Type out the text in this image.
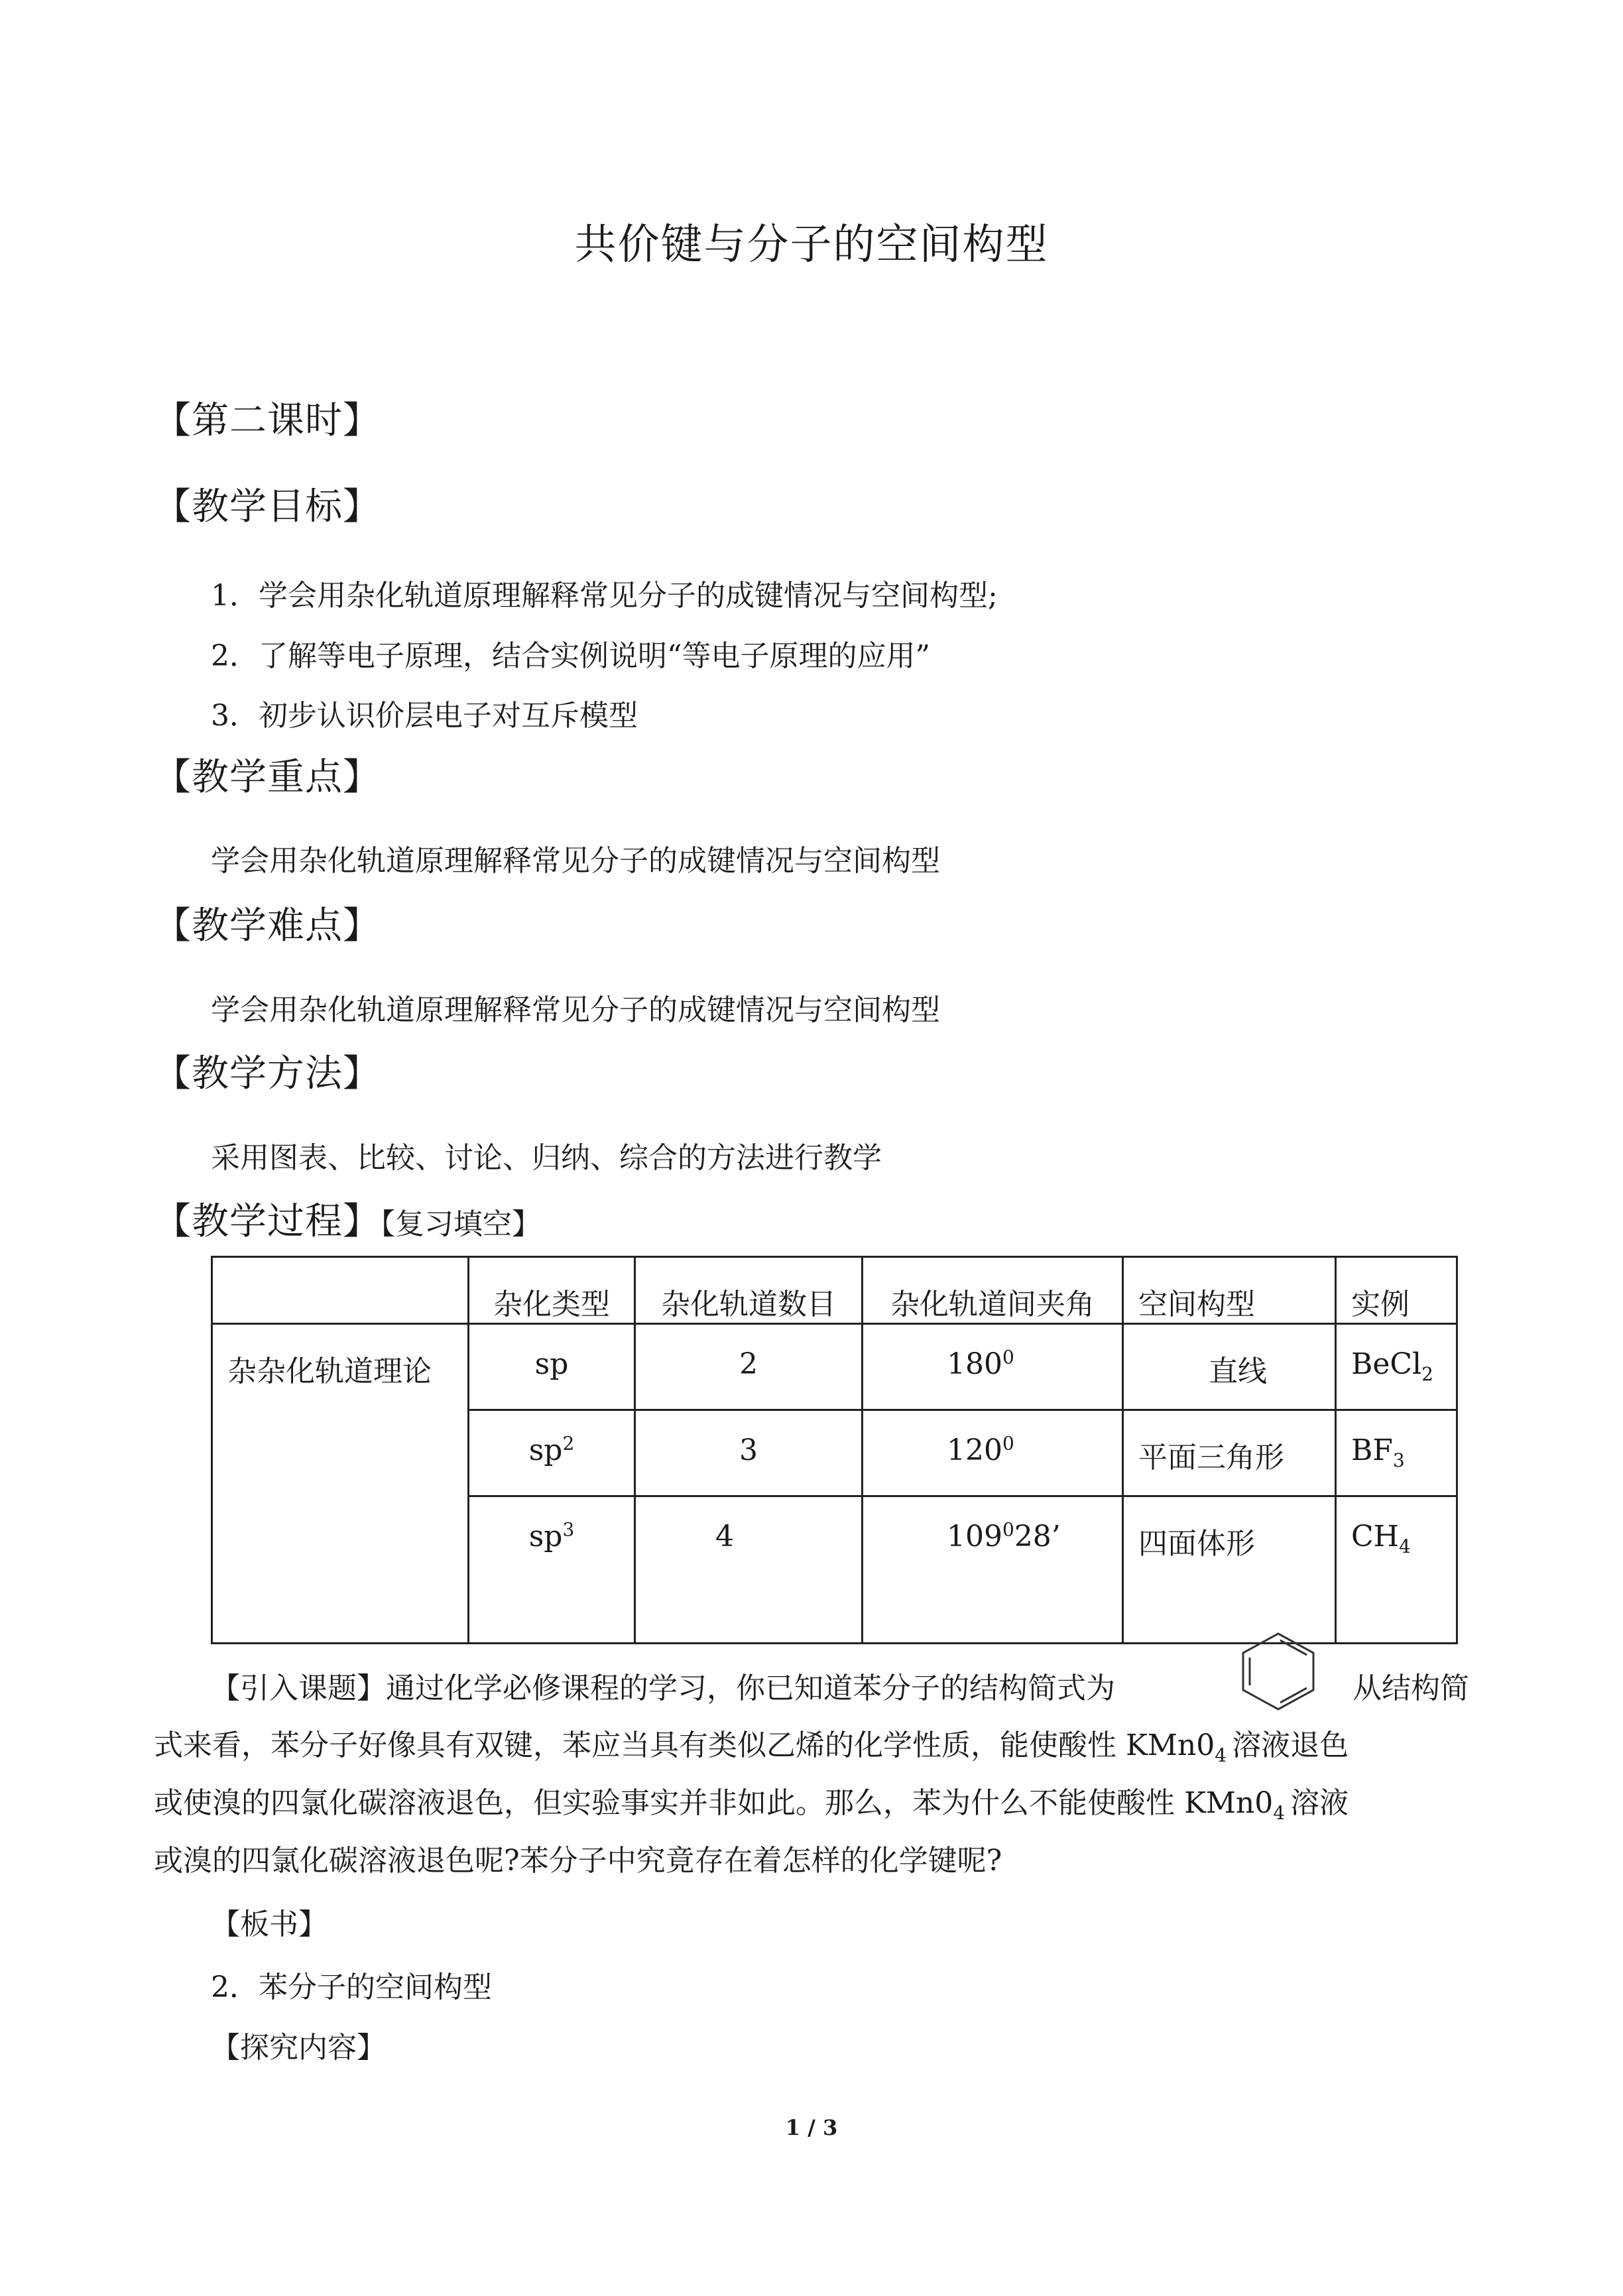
共价键与分子的空间构型
【第二课时】
【教学目标】
1．学会用杂化轨道原理解释常见分子的成键情况与空间构型;
2．了解等电子原理，结合实例说明“等电子原理的应用”
3．初步认识价层电子对互斥模型
【教学重点】
学会用杂化轨道原理解释常见分子的成键情况与空间构型
【教学难点】
学会用杂化轨道原理解释常见分子的成键情况与空间构型
【教学方法】
采用图表、比较、讨论、归纳、综合的方法进行教学
【教学过程】【复习填空】
	杂化类型	杂化轨道数目	杂化轨道间夹角	空间构型	实例
杂杂化轨道理论	sp	2	$180^0$	直线	BeCl$_2$
	$sp^2$	3	$120^0$	平面三角形	$BF_3$
	$sp^3$	4	$109^028$’	四面体形	$CH_4$
【引入课题】通过化学必修课程的学习，你已知道苯分子的结构简式为	从结构简
式来看，苯分子好像具有双键，苯应当具有类似乙烯的化学性质，能使酸性 $KMn0_4$ 溶液退色
或使溴的四氯化碳溶液退色，但实验事实并非如此。那么，苯为什么不能使酸性 $KMn0_4$ 溶液
或溴的四氯化碳溶液退色呢?苯分子中究竟存在着怎样的化学键呢?
【板书】
2．苯分子的空间构型
【探究内容】
1 / 3
